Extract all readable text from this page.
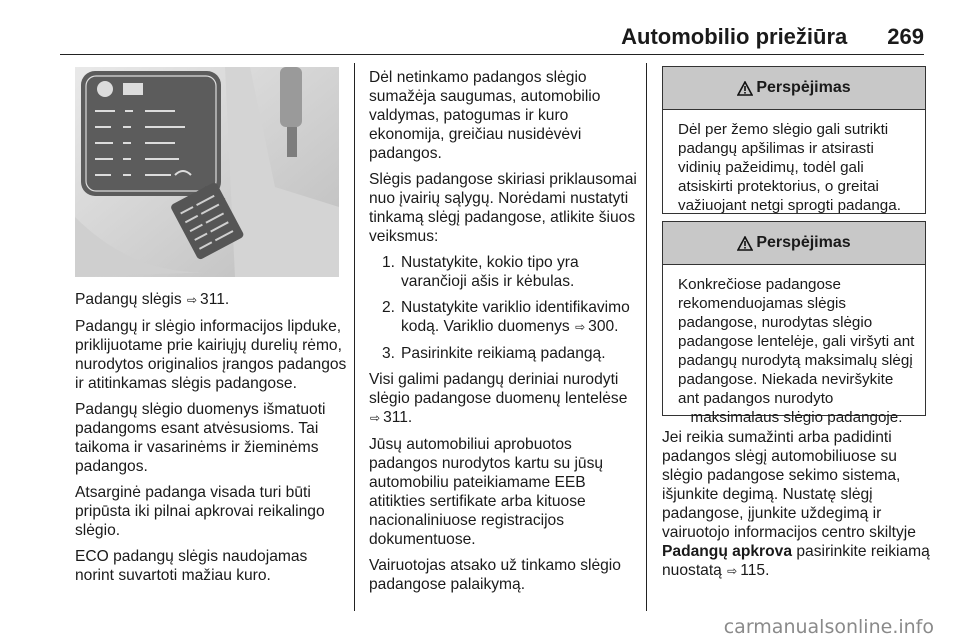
Automobilio priežiūra 269

Padangų slėgis ⇨ 311.

Padangų ir slėgio informacijos lipduke, priklijuotame prie kairiųjų durelių rėmo, nurodytos originalios įrangos padangos ir atitinkamas slėgis padangose.

Padangų slėgio duomenys išmatuoti padangoms esant atvėsusioms. Tai taikoma ir vasarinėms ir žieminėms padangos.

Atsarginė padanga visada turi būti pripūsta iki pilnai apkrovai reikalingo slėgio.

ECO padangų slėgis naudojamas norint suvartoti mažiau kuro.

Dėl netinkamo padangos slėgio sumažėja saugumas, automobilio valdymas, patogumas ir kuro ekonomija, greičiau nusidėvėvi padangos.

Slėgis padangose skiriasi priklausomai nuo įvairių sąlygų. Norėdami nustatyti tinkamą slėgį padangose, atlikite šiuos veiksmus:

1. Nustatykite, kokio tipo yra varančioji ašis ir kėbulas.
2. Nustatykite variklio identifikavimo kodą. Variklio duomenys ⇨ 300.
3. Pasirinkite reikiamą padangą.

Visi galimi padangų deriniai nurodyti slėgio padangose duomenų lentelėse ⇨ 311.

Jūsų automobiliui aprobuotos padangos nurodytos kartu su jūsų automobiliu pateikiamame EEB atitikties sertifikate arba kituose nacionaliniuose registracijos dokumentuose.

Vairuotojas atsako už tinkamo slėgio padangose palaikymą.

Perspėjimas
Dėl per žemo slėgio gali sutrikti padangų apšilimas ir atsirasti vidinių pažeidimų, todėl gali atsiskirti protektorius, o greitai važiuojant netgi sprogti padanga.
Perspėjimas
Konkrečiose padangose rekomenduojamas slėgis padangose, nurodytas slėgio padangose lentelėje, gali viršyti ant padangų nurodytą maksimalų slėgį padangose. Niekada neviršykite ant padangos nurodyto
maksimalaus slėgio padangoje.

Jei reikia sumažinti arba padidinti padangos slėgį automobiliuose su slėgio padangose sekimo sistema, išjunkite degimą. Nustatę slėgį padangose, įjunkite uždegimą ir vairuotojo informacijos centro skiltyje Padangų apkrova pasirinkite reikiamą nuostatą ⇨ 115.

carmanualsonline.info
